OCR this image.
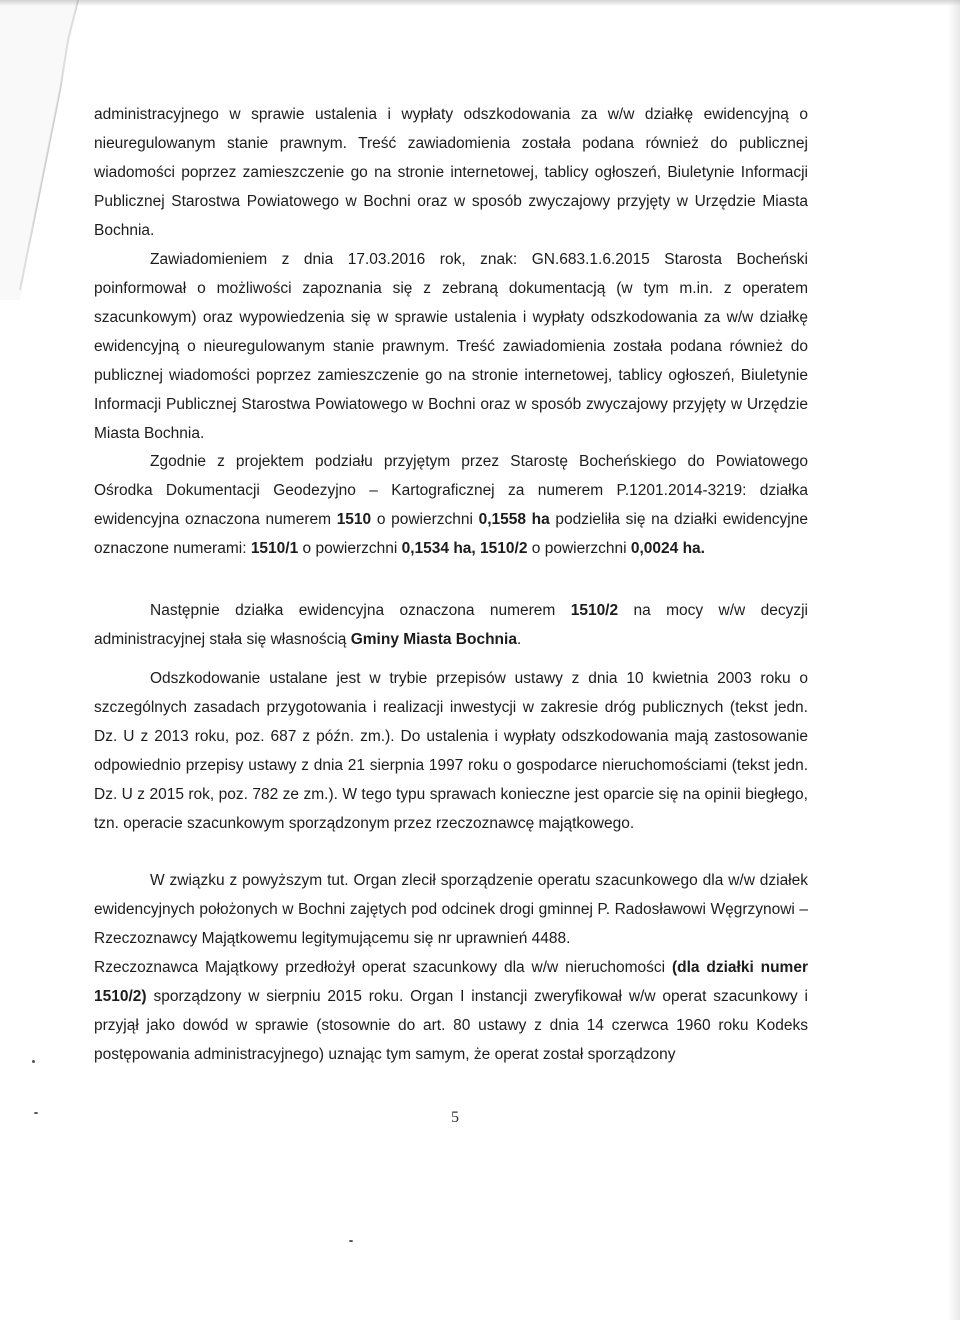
administracyjnego w sprawie ustalenia i wypłaty odszkodowania za w/w działkę ewidencyjną o nieuregulowanym stanie prawnym. Treść zawiadomienia została podana również do publicznej wiadomości poprzez zamieszczenie go na stronie internetowej, tablicy ogłoszeń, Biuletynie Informacji Publicznej Starostwa Powiatowego w Bochni oraz w sposób zwyczajowy przyjęty w Urzędzie Miasta Bochnia.

Zawiadomieniem z dnia 17.03.2016 rok, znak: GN.683.1.6.2015 Starosta Bocheński poinformował o możliwości zapoznania się z zebraną dokumentacją (w tym m.in. z operatem szacunkowym) oraz wypowiedzenia się w sprawie ustalenia i wypłaty odszkodowania za w/w działkę ewidencyjną o nieuregulowanym stanie prawnym. Treść zawiadomienia została podana również do publicznej wiadomości poprzez zamieszczenie go na stronie internetowej, tablicy ogłoszeń, Biuletynie Informacji Publicznej Starostwa Powiatowego w Bochni oraz w sposób zwyczajowy przyjęty w Urzędzie Miasta Bochnia.

Zgodnie z projektem podziału przyjętym przez Starostę Bocheńskiego do Powiatowego Ośrodka Dokumentacji Geodezyjno – Kartograficznej za numerem P.1201.2014-3219: działka ewidencyjna oznaczona numerem 1510 o powierzchni 0,1558 ha podzieliła się na działki ewidencyjne oznaczone numerami: 1510/1 o powierzchni 0,1534 ha, 1510/2 o powierzchni 0,0024 ha.

Następnie działka ewidencyjna oznaczona numerem 1510/2 na mocy w/w decyzji administracyjnej stała się własnością Gminy Miasta Bochnia.

Odszkodowanie ustalane jest w trybie przepisów ustawy z dnia 10 kwietnia 2003 roku o szczególnych zasadach przygotowania i realizacji inwestycji w zakresie dróg publicznych (tekst jedn. Dz. U z 2013 roku, poz. 687 z późn. zm.). Do ustalenia i wypłaty odszkodowania mają zastosowanie odpowiednio przepisy ustawy z dnia 21 sierpnia 1997 roku o gospodarce nieruchomościami (tekst jedn. Dz. U z 2015 rok, poz. 782 ze zm.). W tego typu sprawach konieczne jest oparcie się na opinii biegłego, tzn. operacie szacunkowym sporządzonym przez rzeczoznawcę majątkowego.

W związku z powyższym tut. Organ zlecił sporządzenie operatu szacunkowego dla w/w działek ewidencyjnych położonych w Bochni zajętych pod odcinek drogi gminnej P. Radosławowi Węgrzynowi – Rzeczoznawcy Majątkowemu legitymującemu się nr uprawnień 4488.

Rzeczoznawca Majątkowy przedłożył operat szacunkowy dla w/w nieruchomości (dla działki numer 1510/2) sporządzony w sierpniu 2015 roku. Organ I instancji zweryfikował w/w operat szacunkowy i przyjął jako dowód w sprawie (stosownie do art. 80 ustawy z dnia 14 czerwca 1960 roku Kodeks postępowania administracyjnego) uznając tym samym, że operat został sporządzony

5
